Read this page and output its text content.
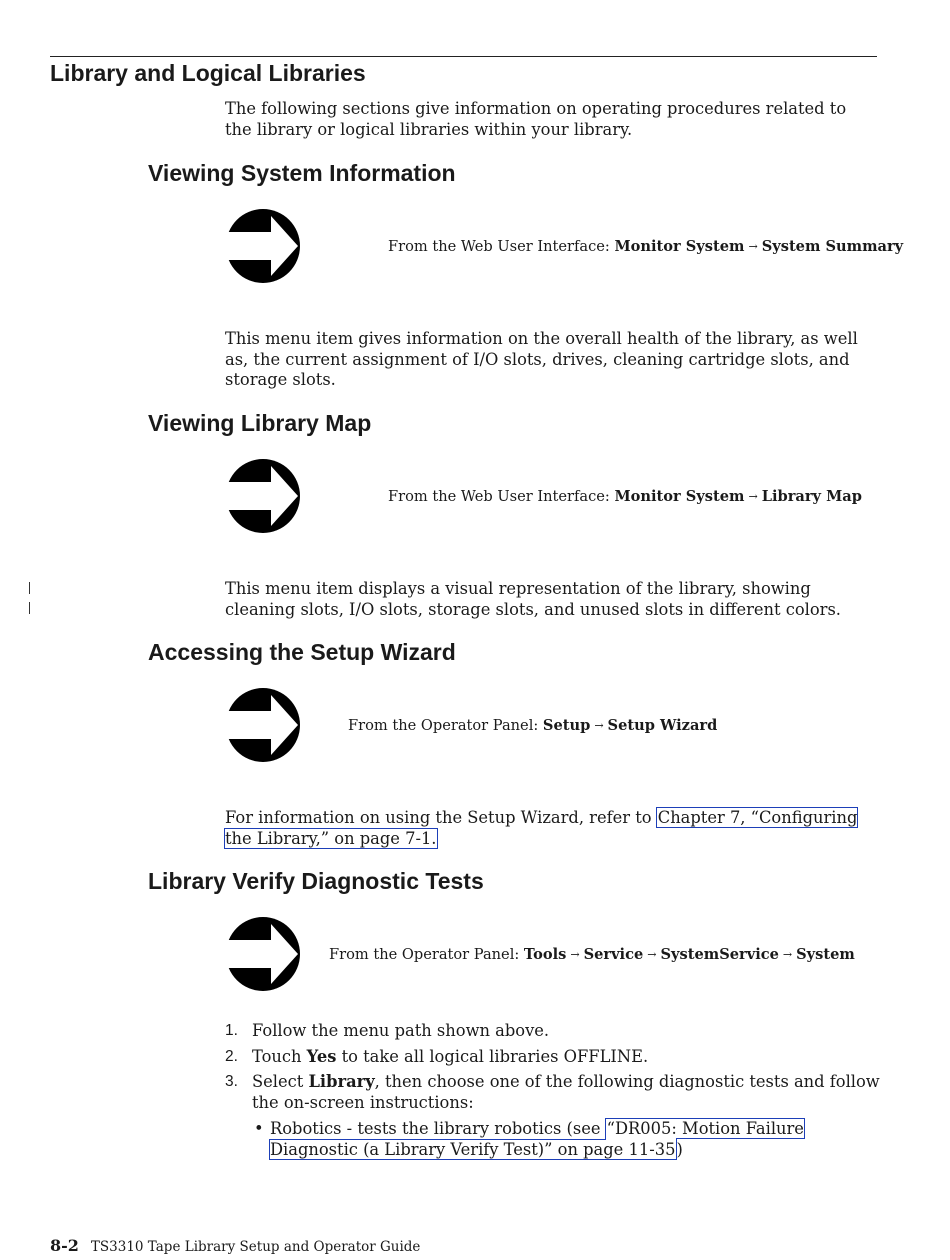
Library and Logical Libraries

The following sections give information on operating procedures related to the library or logical libraries within your library.

Viewing System Information
From the Web User Interface: Monitor System → System Summary

This menu item gives information on the overall health of the library, as well as, the current assignment of I/O slots, drives, cleaning cartridge slots, and storage slots.

Viewing Library Map
From the Web User Interface: Monitor System → Library Map

This menu item displays a visual representation of the library, showing cleaning slots, I/O slots, storage slots, and unused slots in different colors.

Accessing the Setup Wizard
From the Operator Panel: Setup → Setup Wizard

For information on using the Setup Wizard, refer to Chapter 7, “Configuring the Library,” on page 7-1.

Library Verify Diagnostic Tests
From the Operator Panel: Tools → Service → SystemService → System
1. Follow the menu path shown above.
2. Touch Yes to take all logical libraries OFFLINE.
3. Select Library, then choose one of the following diagnostic tests and follow the on-screen instructions:
• Robotics - tests the library robotics (see “DR005: Motion Failure Diagnostic (a Library Verify Test)” on page 11-35)
8-2 TS3310 Tape Library Setup and Operator Guide
